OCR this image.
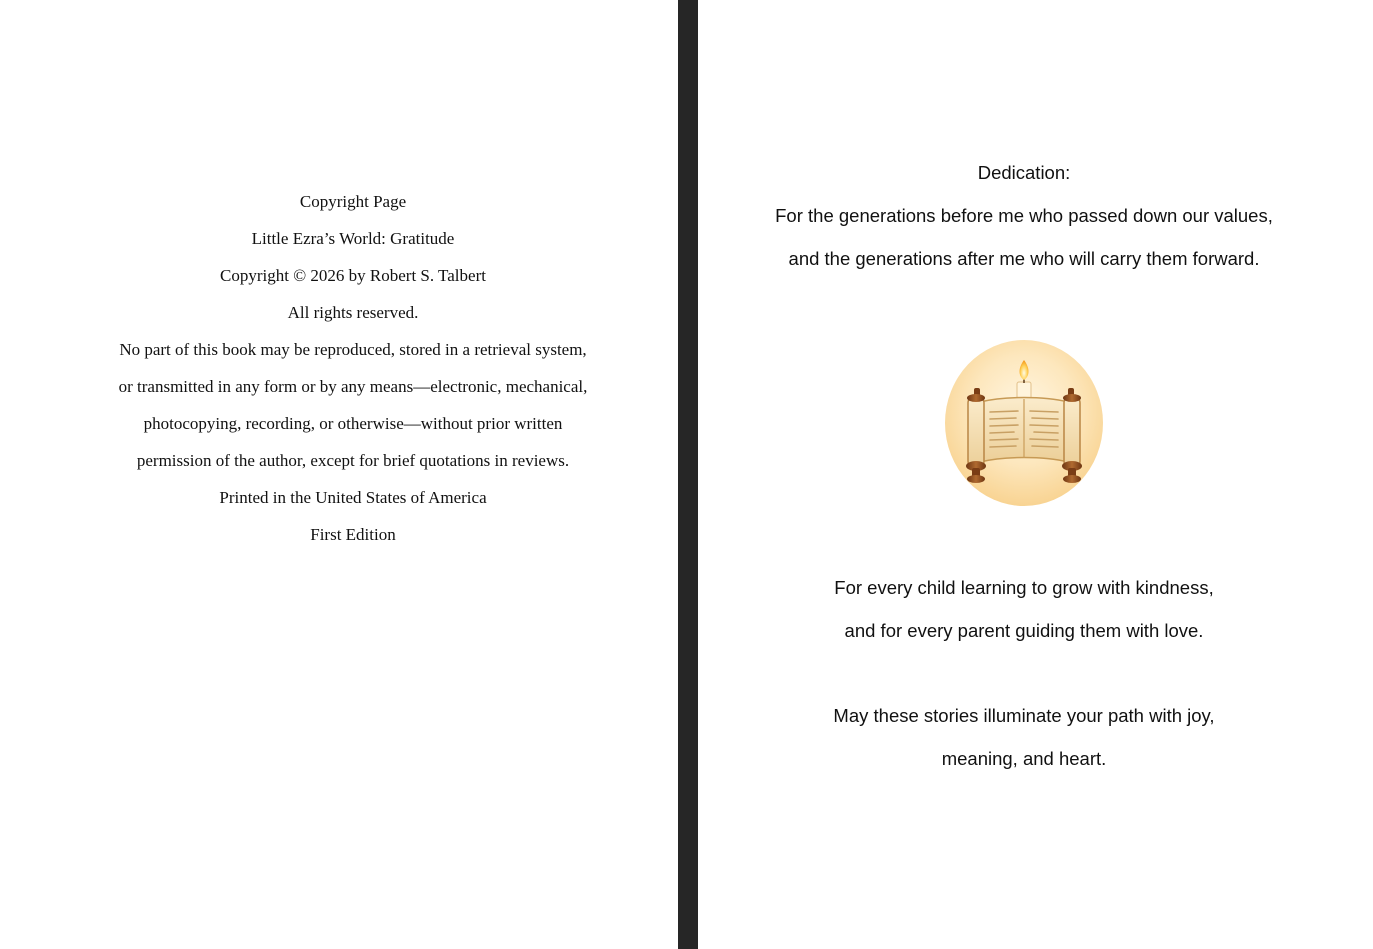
Copyright Page
Little Ezra’s World: Gratitude
Copyright © 2026 by Robert S. Talbert
All rights reserved.
No part of this book may be reproduced, stored in a retrieval system,
or transmitted in any form or by any means—electronic, mechanical,
photocopying, recording, or otherwise—without prior written
permission of the author, except for brief quotations in reviews.
Printed in the United States of America
First Edition
Dedication:
For the generations before me who passed down our values,
and the generations after me who will carry them forward.
For every child learning to grow with kindness,
and for every parent guiding them with love.
May these stories illuminate your path with joy,
meaning, and heart.
